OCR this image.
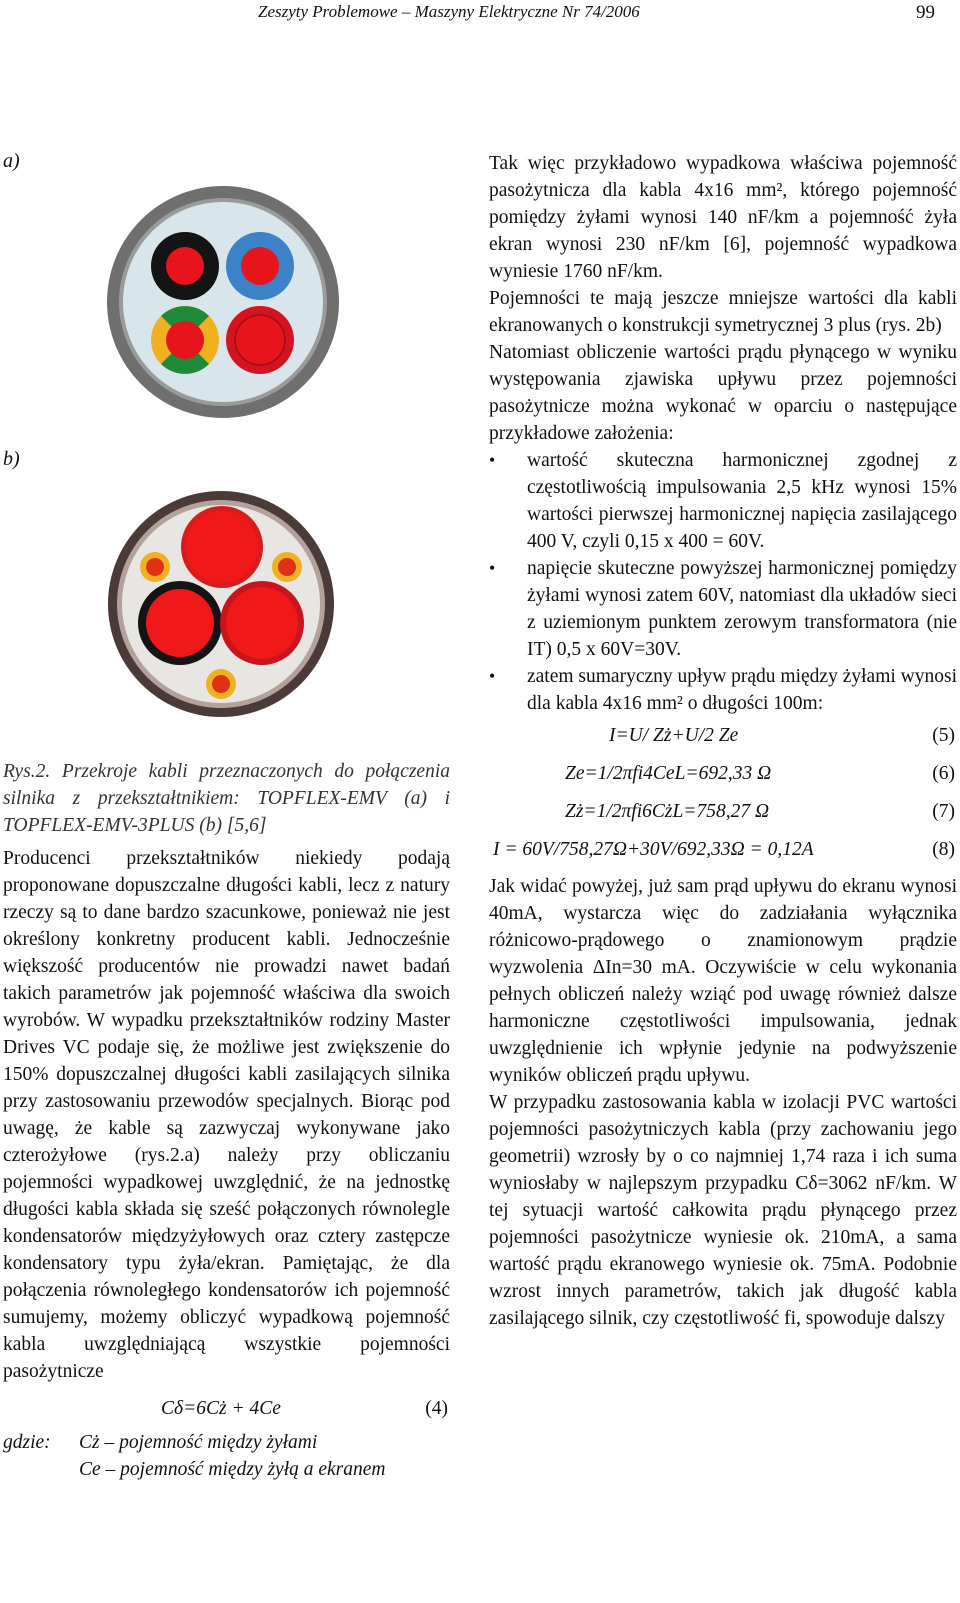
Zeszyty Problemowe – Maszyny Elektryczne Nr 74/2006	99
a)
b)

Rys.2. Przekroje kabli przeznaczonych do połączenia silnika z przekształtnikiem: TOPFLEX-EMV (a) i TOPFLEX-EMV-3PLUS (b) [5,6]

Producenci przekształtników niekiedy podają proponowane dopuszczalne długości kabli, lecz z natury rzeczy są to dane bardzo szacunkowe, ponieważ nie jest określony konkretny producent kabli. Jednocześnie większość producentów nie prowadzi nawet badań takich parametrów jak pojemność właściwa dla swoich wyrobów. W wypadku przekształtników rodziny Master Drives VC podaje się, że możliwe jest zwiększenie do 150% dopuszczalnej długości kabli zasilających silnika przy zastosowaniu przewodów specjalnych. Biorąc pod uwagę, że kable są zazwyczaj wykonywane jako czterożyłowe (rys.2.a) należy przy obliczaniu pojemności wypadkowej uwzględnić, że na jednostkę długości kabla składa się sześć połączonych równolegle kondensatorów międzyżyłowych oraz cztery zastępcze kondensatory typu żyła/ekran. Pamiętając, że dla połączenia równoległego kondensatorów ich pojemność sumujemy, możemy obliczyć wypadkową pojemność kabla uwzględniającą wszystkie pojemności pasożytnicze

Cδ=6Cż + 4Ce	(4)
gdzie: Cż – pojemność między żyłami
Ce – pojemność między żyłą a ekranem

Tak więc przykładowo wypadkowa właściwa pojemność pasożytnicza dla kabla 4x16 mm², którego pojemność pomiędzy żyłami wynosi 140 nF/km a pojemność żyła ekran wynosi 230 nF/km [6], pojemność wypadkowa wyniesie 1760 nF/km.

Pojemności te mają jeszcze mniejsze wartości dla kabli ekranowanych o konstrukcji symetrycznej 3 plus (rys. 2b)

Natomiast obliczenie wartości prądu płynącego w wyniku występowania zjawiska upływu przez pojemności pasożytnicze można wykonać w oparciu o następujące przykładowe założenia:

• wartość skuteczna harmonicznej zgodnej z częstotliwością impulsowania 2,5 kHz wynosi 15% wartości pierwszej harmonicznej napięcia zasilającego 400 V, czyli 0,15 x 400 = 60V.
• napięcie skuteczne powyższej harmonicznej pomiędzy żyłami wynosi zatem 60V, natomiast dla układów sieci z uziemionym punktem zerowym transformatora (nie IT) 0,5 x 60V=30V.
• zatem sumaryczny upływ prądu między żyłami wynosi dla kabla 4x16 mm² o długości 100m:
I=U/ Zż+U/2 Ze	(5)
Ze=1/2πfi4CeL=692,33 Ω	(6)
Zż=1/2πfi6CżL=758,27 Ω	(7)
I = 60V/758,27Ω+30V/692,33Ω = 0,12A	(8)

Jak widać powyżej, już sam prąd upływu do ekranu wynosi 40mA, wystarcza więc do zadziałania wyłącznika różnicowo-prądowego o znamionowym prądzie wyzwolenia ΔIn=30 mA. Oczywiście w celu wykonania pełnych obliczeń należy wziąć pod uwagę również dalsze harmoniczne częstotliwości impulsowania, jednak uwzględnienie ich wpłynie jedynie na podwyższenie wyników obliczeń prądu upływu.

W przypadku zastosowania kabla w izolacji PVC wartości pojemności pasożytniczych kabla (przy zachowaniu jego geometrii) wzrosły by o co najmniej 1,74 raza i ich suma wyniosłaby w najlepszym przypadku Cδ=3062 nF/km. W tej sytuacji wartość całkowita prądu płynącego przez pojemności pasożytnicze wyniesie ok. 210mA, a sama wartość prądu ekranowego wyniesie ok. 75mA. Podobnie wzrost innych parametrów, takich jak długość kabla zasilającego silnik, czy częstotliwość fi, spowoduje dalszy
